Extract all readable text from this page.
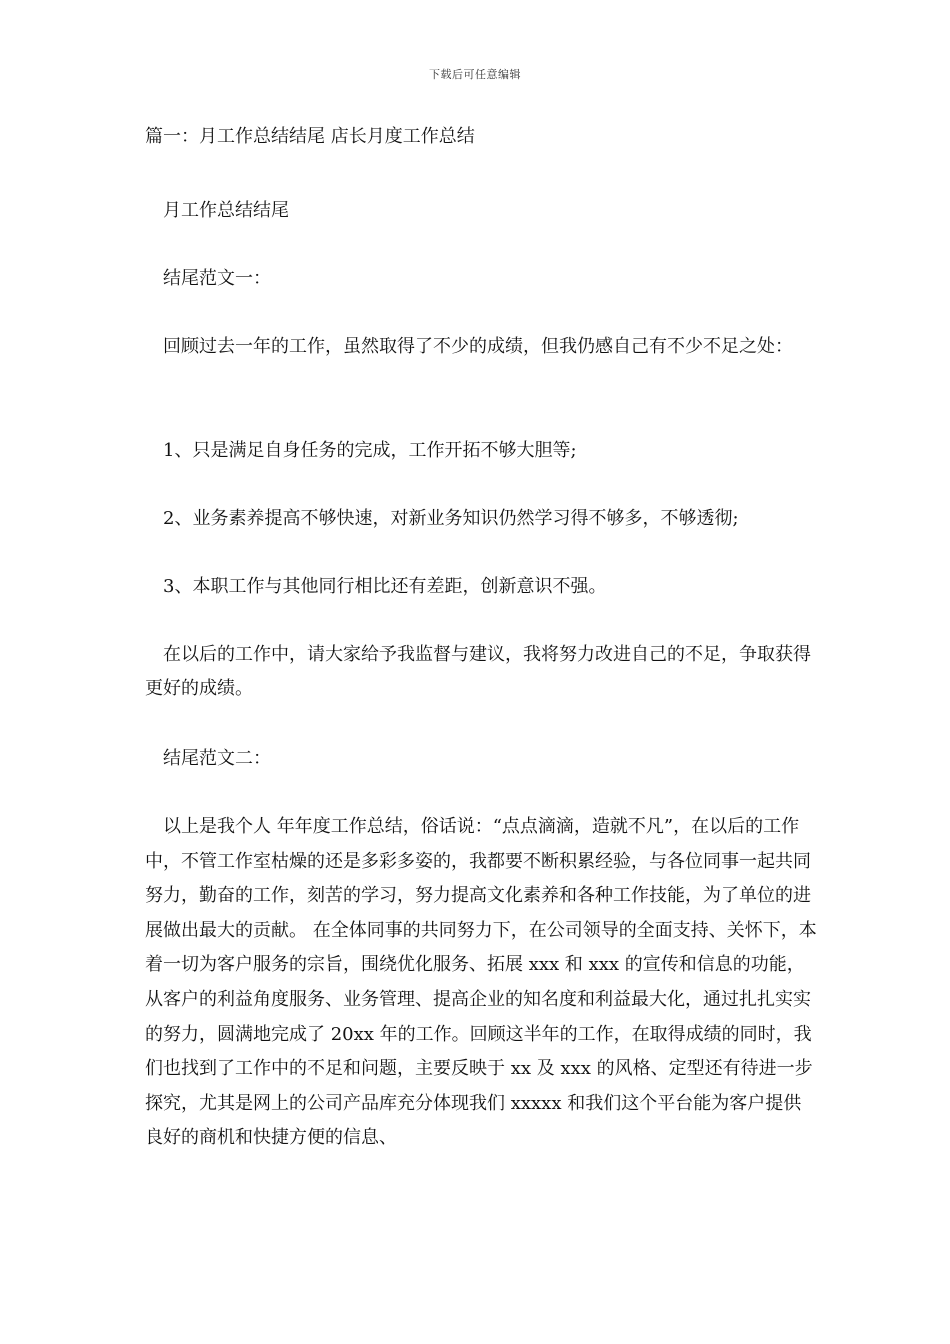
下载后可任意编辑

篇一：月工作总结结尾 店长月度工作总结

月工作总结结尾

结尾范文一：

回顾过去一年的工作，虽然取得了不少的成绩，但我仍感自己有不少不足之处：

1、只是满足自身任务的完成，工作开拓不够大胆等;

2、业务素养提高不够快速，对新业务知识仍然学习得不够多，不够透彻;

3、本职工作与其他同行相比还有差距，创新意识不强。

在以后的工作中，请大家给予我监督与建议，我将努力改进自己的不足，争取获得更好的成绩。

结尾范文二：

以上是我个人 年年度工作总结，俗话说：“点点滴滴，造就不凡”，在以后的工作中，不管工作室枯燥的还是多彩多姿的，我都要不断积累经验，与各位同事一起共同努力，勤奋的工作，刻苦的学习，努力提高文化素养和各种工作技能，为了单位的进展做出最大的贡献。 在全体同事的共同努力下，在公司领导的全面支持、关怀下，本着一切为客户服务的宗旨，围绕优化服务、拓展 xxx 和 xxx 的宣传和信息的功能，从客户的利益角度服务、业务管理、提高企业的知名度和利益最大化，通过扎扎实实的努力，圆满地完成了 20xx 年的工作。回顾这半年的工作，在取得成绩的同时，我们也找到了工作中的不足和问题，主要反映于 xx 及 xxx 的风格、定型还有待进一步探究，尤其是网上的公司产品库充分体现我们 xxxxx 和我们这个平台能为客户提供良好的商机和快捷方便的信息、
